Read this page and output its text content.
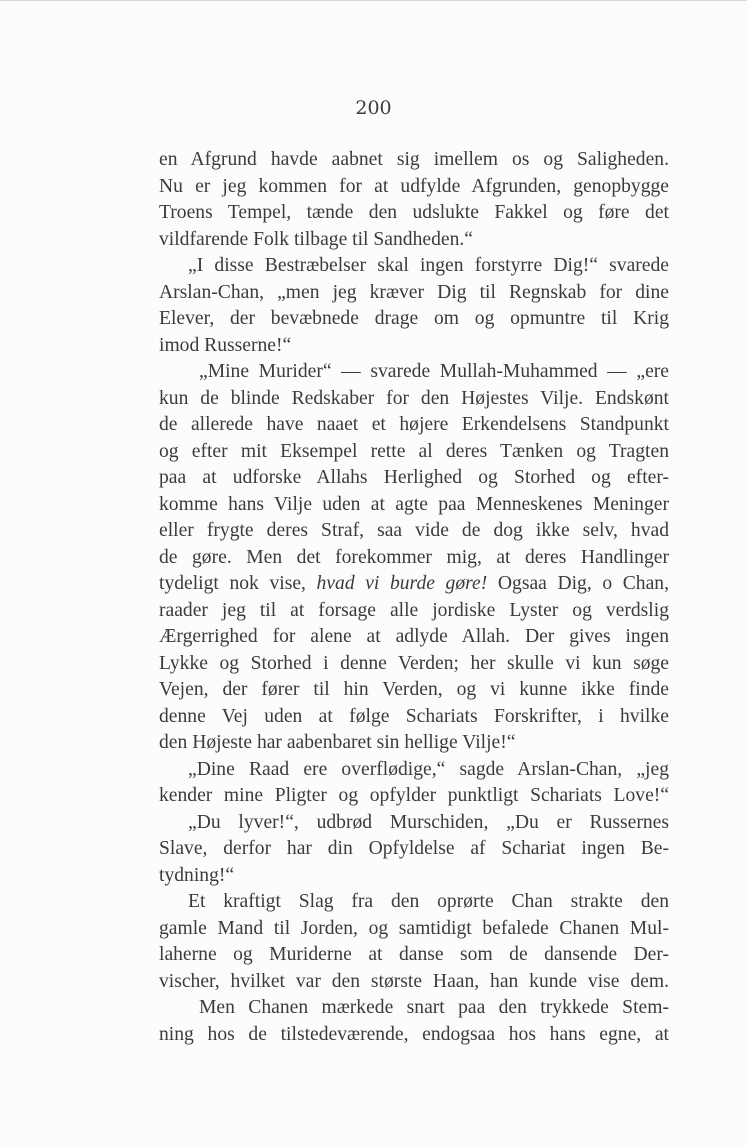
200
en Afgrund havde aabnet sig imellem os og Saligheden.
Nu er jeg kommen for at udfylde Afgrunden, genopbygge
Troens Tempel, tænde den udslukte Fakkel og føre det
vildfarende Folk tilbage til Sandheden.“
„I disse Bestræbelser skal ingen forstyrre Dig!“ svarede
Arslan-Chan, „men jeg kræver Dig til Regnskab for dine
Elever, der bevæbnede drage om og opmuntre til Krig
imod Russerne!“
„Mine Murider“ — svarede Mullah-Muhammed — „ere
kun de blinde Redskaber for den Højestes Vilje. Endskønt
de allerede have naaet et højere Erkendelsens Standpunkt
og efter mit Eksempel rette al deres Tænken og Tragten
paa at udforske Allahs Herlighed og Storhed og efter-
komme hans Vilje uden at agte paa Menneskenes Meninger
eller frygte deres Straf, saa vide de dog ikke selv, hvad
de gøre. Men det forekommer mig, at deres Handlinger
tydeligt nok vise, hvad vi burde gøre! Ogsaa Dig, o Chan,
raader jeg til at forsage alle jordiske Lyster og verdslig
Ærgerrighed for alene at adlyde Allah. Der gives ingen
Lykke og Storhed i denne Verden; her skulle vi kun søge
Vejen, der fører til hin Verden, og vi kunne ikke finde
denne Vej uden at følge Schariats Forskrifter, i hvilke
den Højeste har aabenbaret sin hellige Vilje!“
„Dine Raad ere overflødige,“ sagde Arslan-Chan, „jeg
kender mine Pligter og opfylder punktligt Schariats Love!“
„Du lyver!“, udbrød Murschiden, „Du er Russernes
Slave, derfor har din Opfyldelse af Schariat ingen Be-
tydning!“
Et kraftigt Slag fra den oprørte Chan strakte den
gamle Mand til Jorden, og samtidigt befalede Chanen Mul-
laherne og Muriderne at danse som de dansende Der-
vischer, hvilket var den største Haan, han kunde vise dem.
Men Chanen mærkede snart paa den trykkede Stem-
ning hos de tilstedeværende, endogsaa hos hans egne, at
